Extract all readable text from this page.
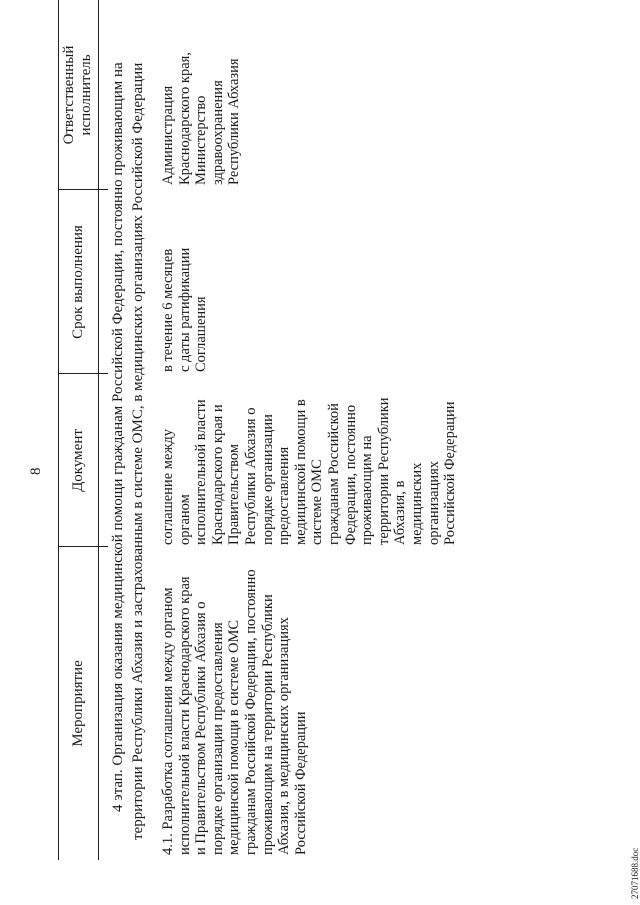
8
Мероприятие
Документ
Срок выполнения
Ответственный исполнитель 4 этап. Организация оказания медицинской помощи гражданам Российской Федерации, постоянно проживающим на территории Республики Абхазия и застрахованным в системе ОМС, в медицинских организациях Российской Федерации 4.1. Разработка соглашения между органом исполнительной власти Краснодарского края и Правительством Республики Абхазия о порядке организации предоставления медицинской помощи в системе ОМС гражданам Российской Федерации, постоянно проживающим на территории Республики Абхазия, в медицинских организациях Российской Федерации
соглашение между органом исполнительной власти Краснодарского края и Правительством Республики Абхазия о порядке организации предоставления медицинской помощи в системе ОМС гражданам Российской Федерации, постоянно проживающим на территории Республики Абхазия, в медицинских организациях Российской Федерации
в течение 6 месяцев с даты ратификации Соглашения
Администрация Краснодарского края, Министерство здравоохранения Республики Абхазия
27071688.doc
